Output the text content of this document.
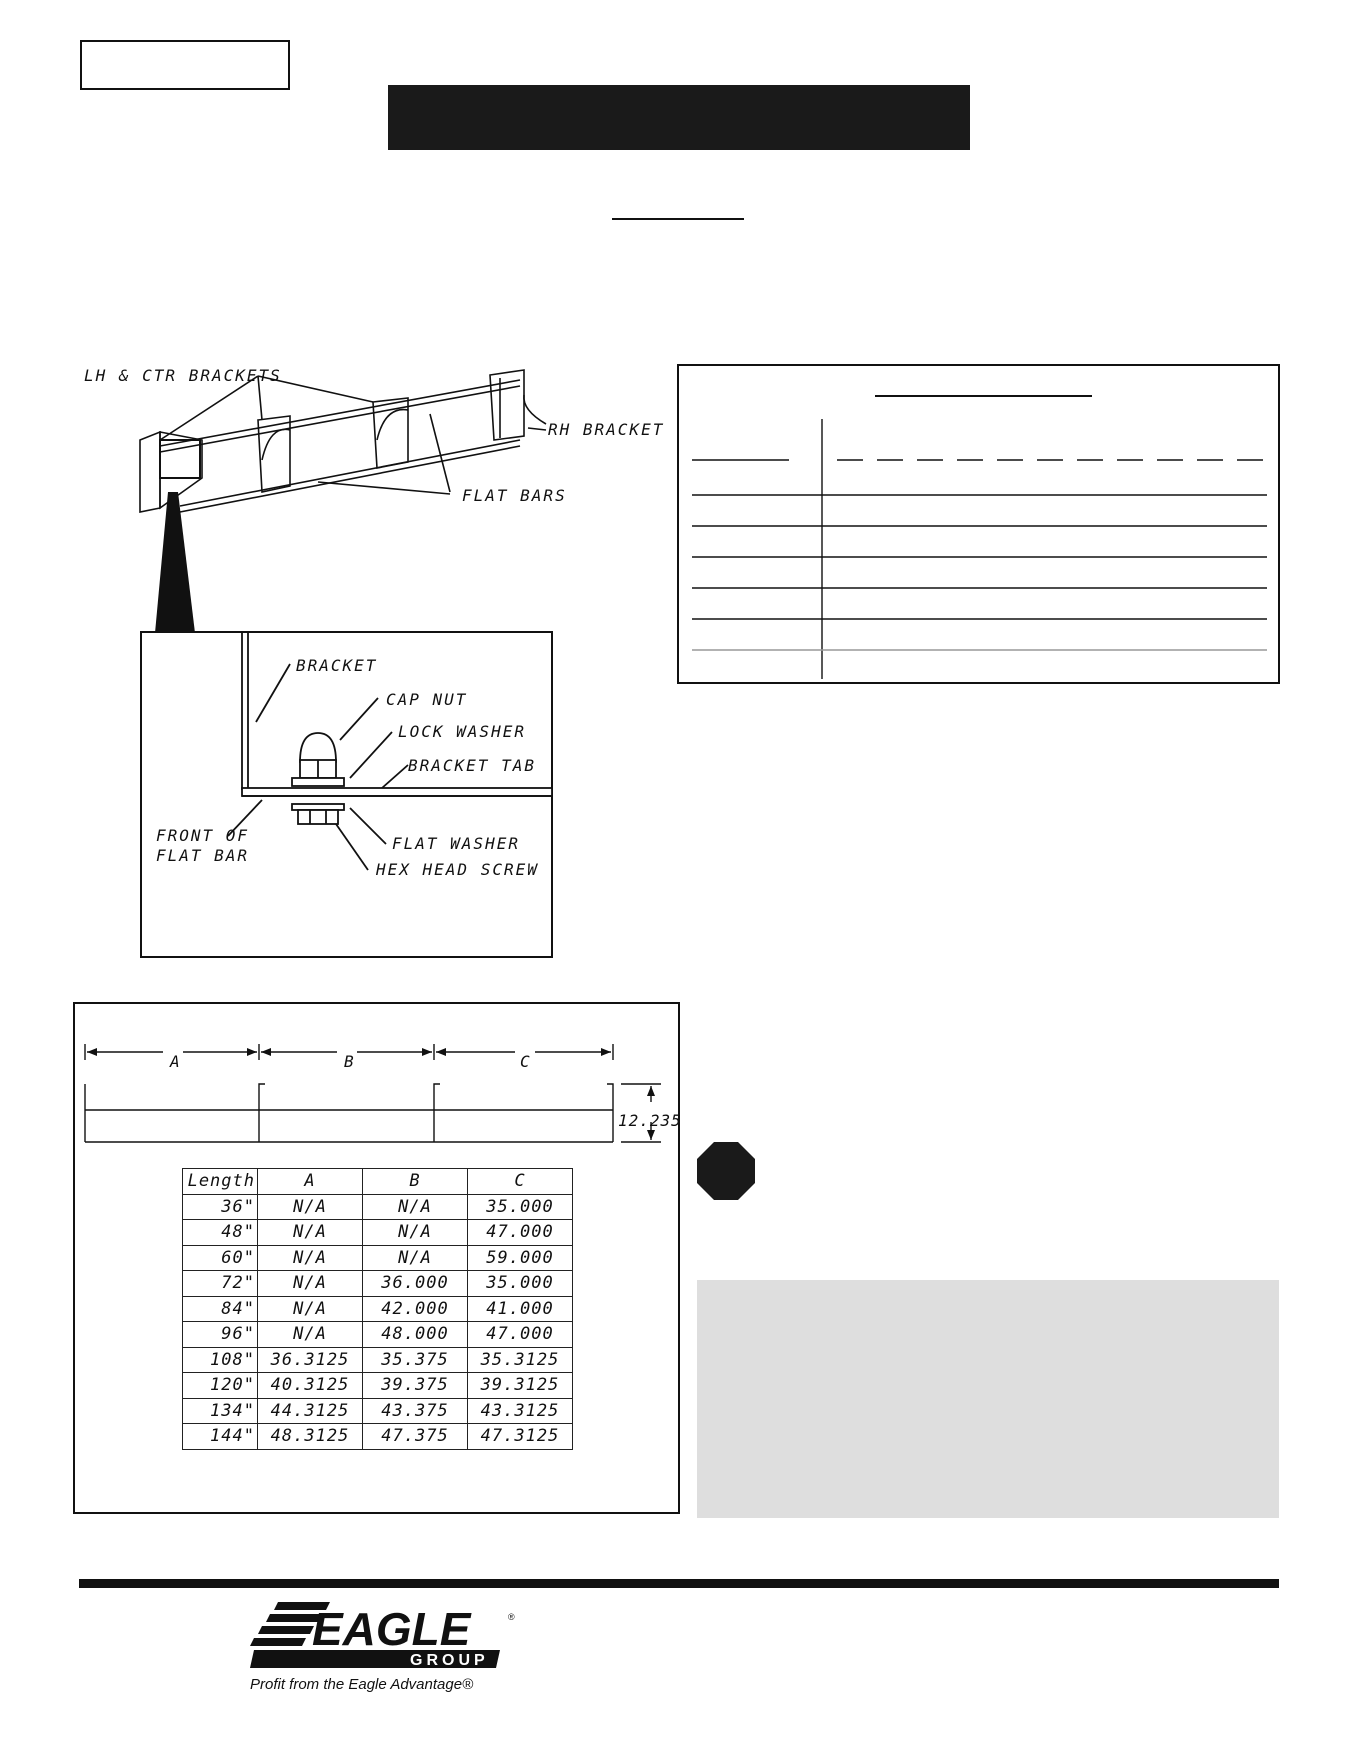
LH & CTR BRACKETS
RH BRACKET
FLAT BARS
BRACKET
CAP NUT
LOCK WASHER
BRACKET TAB
FRONT OF
FLAT BAR
FLAT WASHER
HEX HEAD SCREW
A	B	C
12.235
Length	A	B	C
36"	N/A	N/A	35.000
48"	N/A	N/A	47.000
60"	N/A	N/A	59.000
72"	N/A	36.000	35.000
84"	N/A	42.000	41.000
96"	N/A	48.000	47.000
108"	36.3125	35.375	35.3125
120"	40.3125	39.375	39.3125
134"	44.3125	43.375	43.3125
144"	48.3125	47.375	47.3125
EAGLE
GROUP
®
Profit from the Eagle Advantage®
